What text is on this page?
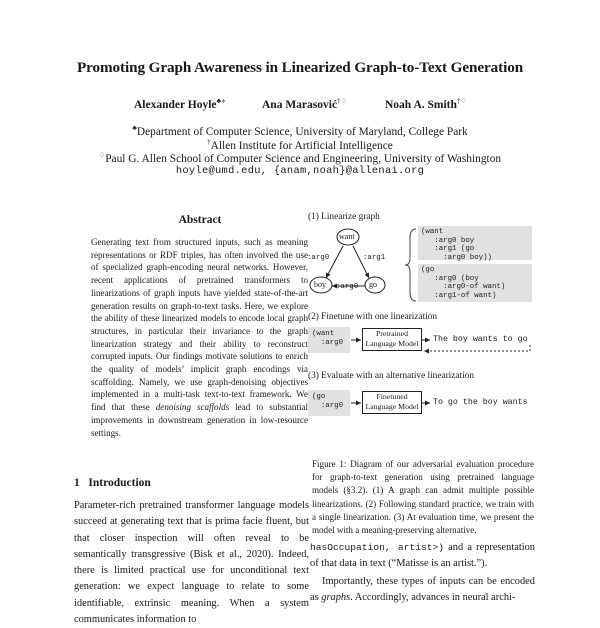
Promoting Graph Awareness in Linearized Graph-to-Text Generation
Alexander Hoyle♣∗	Ana Marasović†♢	Noah A. Smith†♢
♣Department of Computer Science, University of Maryland, College Park
†Allen Institute for Artificial Intelligence
♢Paul G. Allen School of Computer Science and Engineering, University of Washington
hoyle@umd.edu, {anam,noah}@allenai.org
Abstract
Generating text from structured inputs, such as meaning representations or RDF triples, has often involved the use of specialized graph-encoding neural networks. However, recent applications of pretrained transformers to linearizations of graph inputs have yielded state-of-the-art generation results on graph-to-text tasks. Here, we explore the ability of these linearized models to encode local graph structures, in particular their invariance to the graph linearization strategy and their ability to reconstruct corrupted inputs. Our findings motivate solutions to enrich the quality of models’ implicit graph encodings via scaffolding. Namely, we use graph-denoising objectives implemented in a multi-task text-to-text framework. We find that these denoising scaffolds lead to substantial improvements in downstream generation in low-resource settings.
1   Introduction
Parameter-rich pretrained transformer language models succeed at generating text that is prima facie fluent, but that closer inspection will often reveal to be semantically transgressive (Bisk et al., 2020). Indeed, there is limited practical use for unconditional text generation: we expect language to relate to some identifiable, extrinsic meaning. When a system communicates information to
(1) Linearize graph
want
boy	go
:arg0	:arg1
:arg0
(want
:arg0 boy
:arg1 (go
:arg0 boy))
(go
:arg0 (boy
:arg0-of want)
:arg1-of want)
(2) Finetune with one linearization
(want
:arg0
Pretrained Language Model	The boy wants to go
(3) Evaluate with an alternative linearization
(go
:arg0
Finetuned Language Model	To go the boy wants
Figure 1: Diagram of our adversarial evaluation procedure for graph-to-text generation using pretrained language models (§3.2). (1) A graph can admit multiple possible linearizations. (2) Following standard practice, we train with a single linearization. (3) At evaluation time, we present the model with a meaning-preserving alternative.
hasOccupation, artist>) and a representation of that data in text (“Matisse is an artist.”).
Importantly, these types of inputs can be encoded as graphs. Accordingly, advances in neural archi-
